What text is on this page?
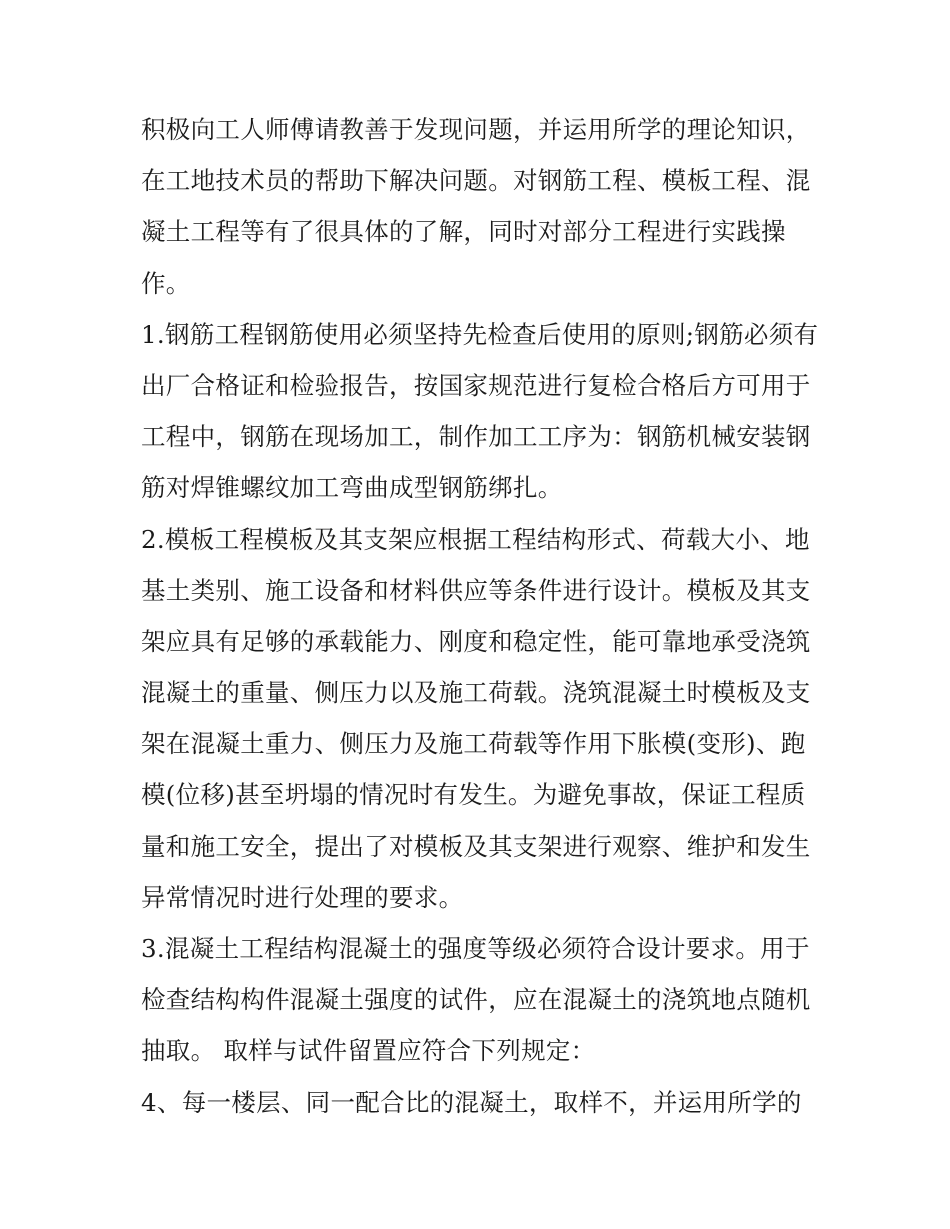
积极向工人师傅请教善于发现问题，并运用所学的理论知识，
在工地技术员的帮助下解决问题。对钢筋工程、模板工程、混
凝土工程等有了很具体的了解，同时对部分工程进行实践操
作。
1.钢筋工程钢筋使用必须坚持先检查后使用的原则;钢筋必须有
出厂合格证和检验报告，按国家规范进行复检合格后方可用于
工程中，钢筋在现场加工，制作加工工序为：钢筋机械安装钢
筋对焊锥螺纹加工弯曲成型钢筋绑扎。
2.模板工程模板及其支架应根据工程结构形式、荷载大小、地
基土类别、施工设备和材料供应等条件进行设计。模板及其支
架应具有足够的承载能力、刚度和稳定性，能可靠地承受浇筑
混凝土的重量、侧压力以及施工荷载。浇筑混凝土时模板及支
架在混凝土重力、侧压力及施工荷载等作用下胀模(变形)、跑
模(位移)甚至坍塌的情况时有发生。为避免事故，保证工程质
量和施工安全，提出了对模板及其支架进行观察、维护和发生
异常情况时进行处理的要求。
3.混凝土工程结构混凝土的强度等级必须符合设计要求。用于
检查结构构件混凝土强度的试件，应在混凝土的浇筑地点随机
抽取。 取样与试件留置应符合下列规定：
4、每一楼层、同一配合比的混凝土，取样不，并运用所学的
